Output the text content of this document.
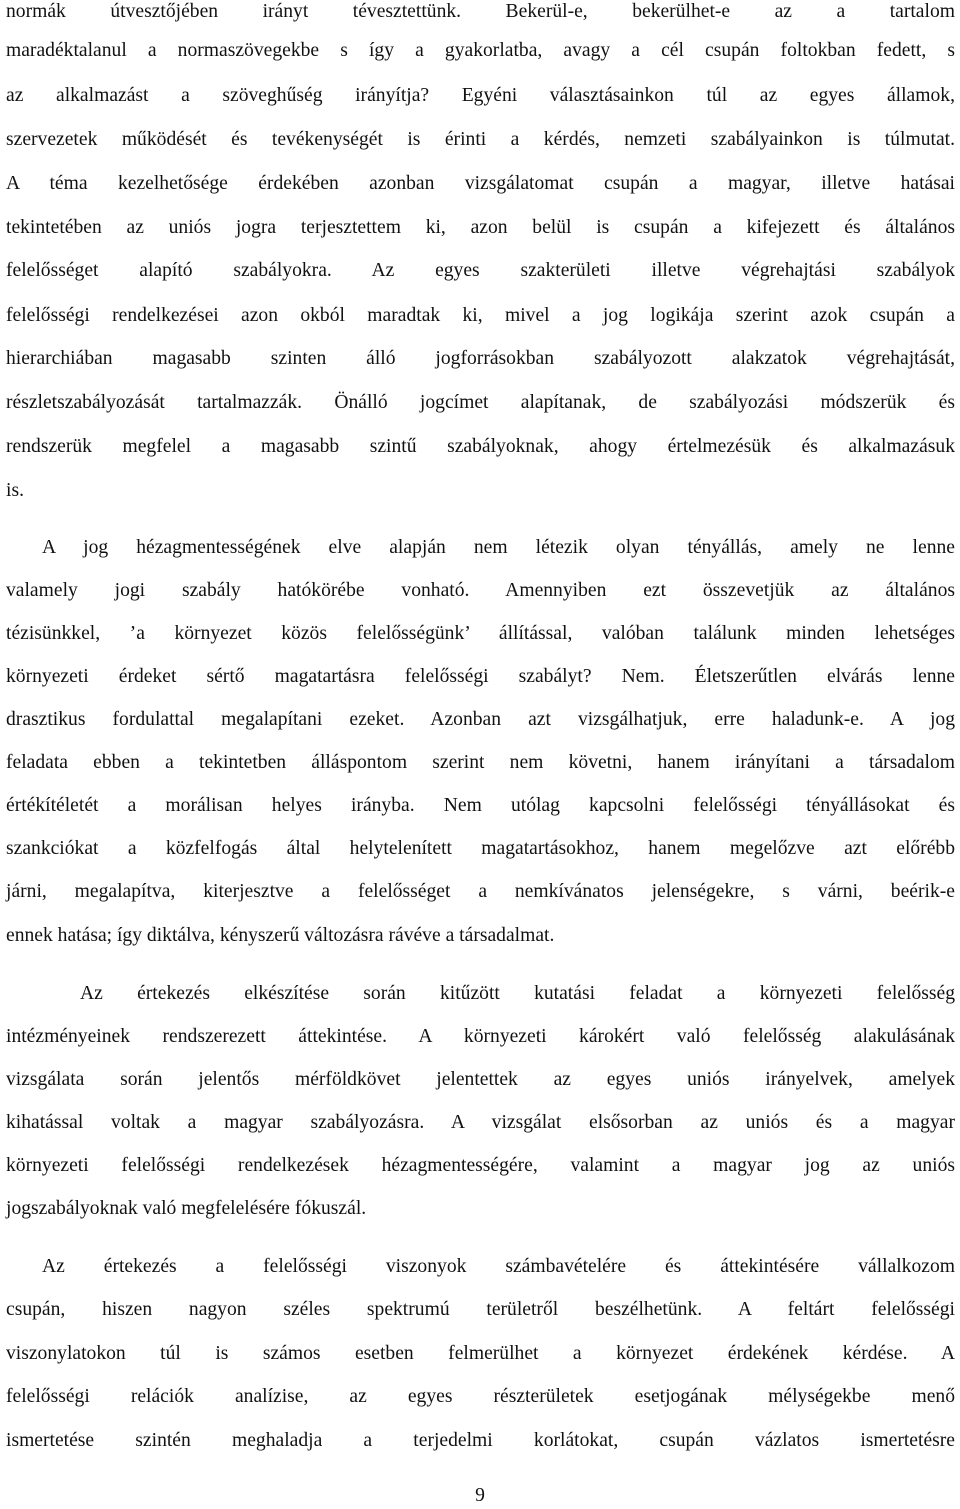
normák útvesztőjében irányt tévesztettünk. Bekerül-e, bekerülhet-e az a tartalom
maradéktalanul a normaszövegekbe s így a gyakorlatba, avagy a cél csupán foltokban fedett, s
az alkalmazást a szöveghűség irányítja? Egyéni választásainkon túl az egyes államok,
szervezetek működését és tevékenységét is érinti a kérdés, nemzeti szabályainkon is túlmutat.
A téma kezelhetősége érdekében azonban vizsgálatomat csupán a magyar, illetve hatásai
tekintetében az uniós jogra terjesztettem ki, azon belül is csupán a kifejezett és általános
felelősséget alapító szabályokra. Az egyes szakterületi illetve végrehajtási szabályok
felelősségi rendelkezései azon okból maradtak ki, mivel a jog logikája szerint azok csupán a
hierarchiában magasabb szinten álló jogforrásokban szabályozott alakzatok végrehajtását,
részletszabályozását tartalmazzák. Önálló jogcímet alapítanak, de szabályozási módszerük és
rendszerük megfelel a magasabb szintű szabályoknak, ahogy értelmezésük és alkalmazásuk
is.
A jog hézagmentességének elve alapján nem létezik olyan tényállás, amely ne lenne
valamely jogi szabály hatókörébe vonható. Amennyiben ezt összevetjük az általános
tézisünkkel, ’a környezet közös felelősségünk’ állítással, valóban találunk minden lehetséges
környezeti érdeket sértő magatartásra felelősségi szabályt? Nem. Életszerűtlen elvárás lenne
drasztikus fordulattal megalapítani ezeket. Azonban azt vizsgálhatjuk, erre haladunk-e. A jog
feladata ebben a tekintetben álláspontom szerint nem követni, hanem irányítani a társadalom
értékítéletét a morálisan helyes irányba. Nem utólag kapcsolni felelősségi tényállásokat és
szankciókat a közfelfogás által helytelenített magatartásokhoz, hanem megelőzve azt előrébb
járni, megalapítva, kiterjesztve a felelősséget a nemkívánatos jelenségekre, s várni, beérik-e
ennek hatása; így diktálva, kényszerű változásra rávéve a társadalmat.
Az értekezés elkészítése során kitűzött kutatási feladat a környezeti felelősség
intézményeinek rendszerezett áttekintése. A környezeti károkért való felelősség alakulásának
vizsgálata során jelentős mérföldkövet jelentettek az egyes uniós irányelvek, amelyek
kihatással voltak a magyar szabályozásra. A vizsgálat elsősorban az uniós és a magyar
környezeti felelősségi rendelkezések hézagmentességére, valamint a magyar jog az uniós
jogszabályoknak való megfelelésére fókuszál.
Az értekezés a felelősségi viszonyok számbavételére és áttekintésére vállalkozom
csupán, hiszen nagyon széles spektrumú területről beszélhetünk. A feltárt felelősségi
viszonylatokon túl is számos esetben felmerülhet a környezet érdekének kérdése. A
felelősségi relációk analízise, az egyes részterületek esetjogának mélységekbe menő
ismertetése szintén meghaladja a terjedelmi korlátokat, csupán vázlatos ismertetésre
9
